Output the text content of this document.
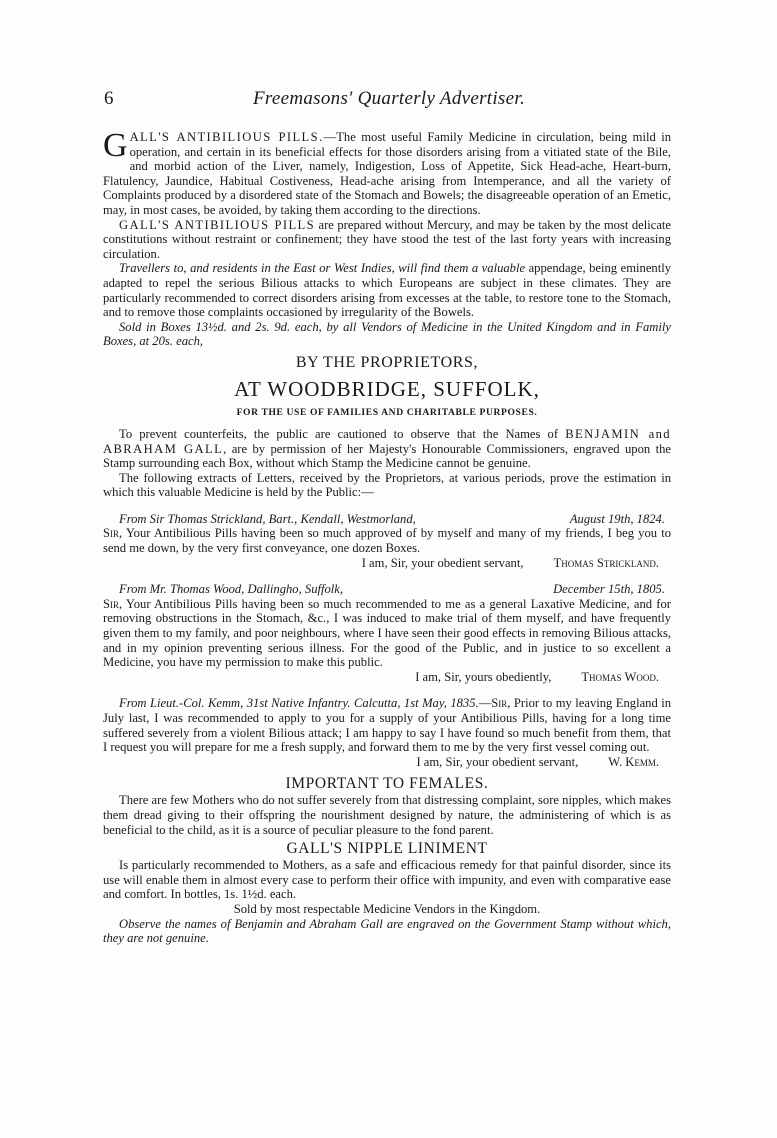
6	Freemasons' Quarterly Advertiser.

GALL'S ANTIBILIOUS PILLS.—The most useful Family Medicine in circulation, being mild in operation, and certain in its beneficial effects for those disorders arising from a vitiated state of the Bile, and morbid action of the Liver, namely, Indigestion, Loss of Appetite, Sick Head-ache, Heart-burn, Flatulency, Jaundice, Habitual Costiveness, Head-ache arising from Intemperance, and all the variety of Complaints produced by a disordered state of the Stomach and Bowels; the disagreeable operation of an Emetic, may, in most cases, be avoided, by taking them according to the directions.

GALL'S ANTIBILIOUS PILLS are prepared without Mercury, and may be taken by the most delicate constitutions without restraint or confinement; they have stood the test of the last forty years with increasing circulation.

Travellers to, and residents in the East or West Indies, will find them a valuable appendage, being eminently adapted to repel the serious Bilious attacks to which Europeans are subject in these climates. They are particularly recommended to correct disorders arising from excesses at the table, to restore tone to the Stomach, and to remove those complaints occasioned by irregularity of the Bowels.

Sold in Boxes 13½d. and 2s. 9d. each, by all Vendors of Medicine in the United Kingdom and in Family Boxes, at 20s. each,

BY THE PROPRIETORS,

AT WOODBRIDGE, SUFFOLK,

FOR THE USE OF FAMILIES AND CHARITABLE PURPOSES.

To prevent counterfeits, the public are cautioned to observe that the Names of BENJAMIN and ABRAHAM GALL, are by permission of her Majesty's Honourable Commissioners, engraved upon the Stamp surrounding each Box, without which Stamp the Medicine cannot be genuine.

The following extracts of Letters, received by the Proprietors, at various periods, prove the estimation in which this valuable Medicine is held by the Public:—

From Sir Thomas Strickland, Bart., Kendall, Westmorland,	August 19th, 1824.

Sir, Your Antibilious Pills having been so much approved of by myself and many of my friends, I beg you to send me down, by the very first conveyance, one dozen Boxes.

I am, Sir, your obedient servant, Thomas Strickland.

From Mr. Thomas Wood, Dallingho, Suffolk,	December 15th, 1805.

Sir, Your Antibilious Pills having been so much recommended to me as a general Laxative Medicine, and for removing obstructions in the Stomach, &c., I was induced to make trial of them myself, and have frequently given them to my family, and poor neighbours, where I have seen their good effects in removing Bilious attacks, and in my opinion preventing serious illness. For the good of the Public, and in justice to so excellent a Medicine, you have my permission to make this public.

I am, Sir, yours obediently, Thomas Wood.

From Lieut.-Col. Kemm, 31st Native Infantry. Calcutta, 1st May, 1835.—Sir, Prior to my leaving England in July last, I was recommended to apply to you for a supply of your Antibilious Pills, having for a long time suffered severely from a violent Bilious attack; I am happy to say I have found so much benefit from them, that I request you will prepare for me a fresh supply, and forward them to me by the very first vessel coming out.

I am, Sir, your obedient servant, W. Kemm.

IMPORTANT TO FEMALES.

There are few Mothers who do not suffer severely from that distressing complaint, sore nipples, which makes them dread giving to their offspring the nourishment designed by nature, the administering of which is as beneficial to the child, as it is a source of peculiar pleasure to the fond parent.

GALL'S NIPPLE LINIMENT

Is particularly recommended to Mothers, as a safe and efficacious remedy for that painful disorder, since its use will enable them in almost every case to perform their office with impunity, and even with comparative ease and comfort. In bottles, 1s. 1½d. each.

Sold by most respectable Medicine Vendors in the Kingdom.

Observe the names of Benjamin and Abraham Gall are engraved on the Government Stamp without which, they are not genuine.
